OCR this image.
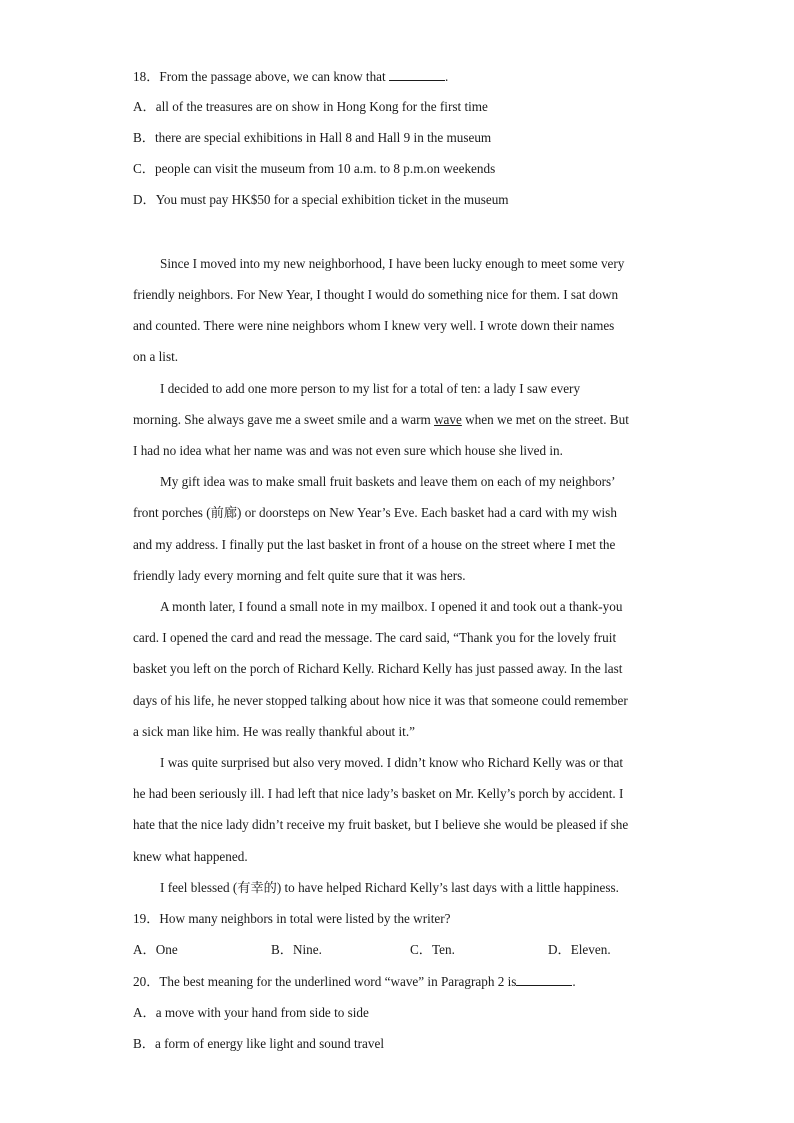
18．From the passage above, we can know that	.
A．all of the treasures are on show in Hong Kong for the first time
B．there are special exhibitions in Hall 8 and Hall 9 in the museum
C．people can visit the museum from 10 a.m. to 8 p.m.on weekends
D．You must pay HK$50 for a special exhibition ticket in the museum
Since I moved into my new neighborhood, I have been lucky enough to meet some very
friendly neighbors. For New Year, I thought I would do something nice for them. I sat down
and counted. There were nine neighbors whom I knew very well. I wrote down their names
on a list.
I decided to add one more person to my list for a total of ten: a lady I saw every
morning. She always gave me a sweet smile and a warm wave when we met on the street. But
I had no idea what her name was and was not even sure which house she lived in.
My gift idea was to make small fruit baskets and leave them on each of my neighbors’
front porches (前廊) or doorsteps on New Year’s Eve. Each basket had a card with my wish
and my address. I finally put the last basket in front of a house on the street where I met the
friendly lady every morning and felt quite sure that it was hers.
A month later, I found a small note in my mailbox. I opened it and took out a thank-you
card. I opened the card and read the message. The card said, “Thank you for the lovely fruit
basket you left on the porch of Richard Kelly. Richard Kelly has just passed away. In the last
days of his life, he never stopped talking about how nice it was that someone could remember
a sick man like him. He was really thankful about it.”
I was quite surprised but also very moved. I didn’t know who Richard Kelly was or that
he had been seriously ill. I had left that nice lady’s basket on Mr. Kelly’s porch by accident. I
hate that the nice lady didn’t receive my fruit basket, but I believe she would be pleased if she
knew what happened.
I feel blessed (有幸的) to have helped Richard Kelly’s last days with a little happiness.
19．How many neighbors in total were listed by the writer?
A．One	B．Nine.	C．Ten.	D．Eleven.
20．The best meaning for the underlined word “wave” in Paragraph 2 is	.
A．a move with your hand from side to side
B．a form of energy like light and sound travel
